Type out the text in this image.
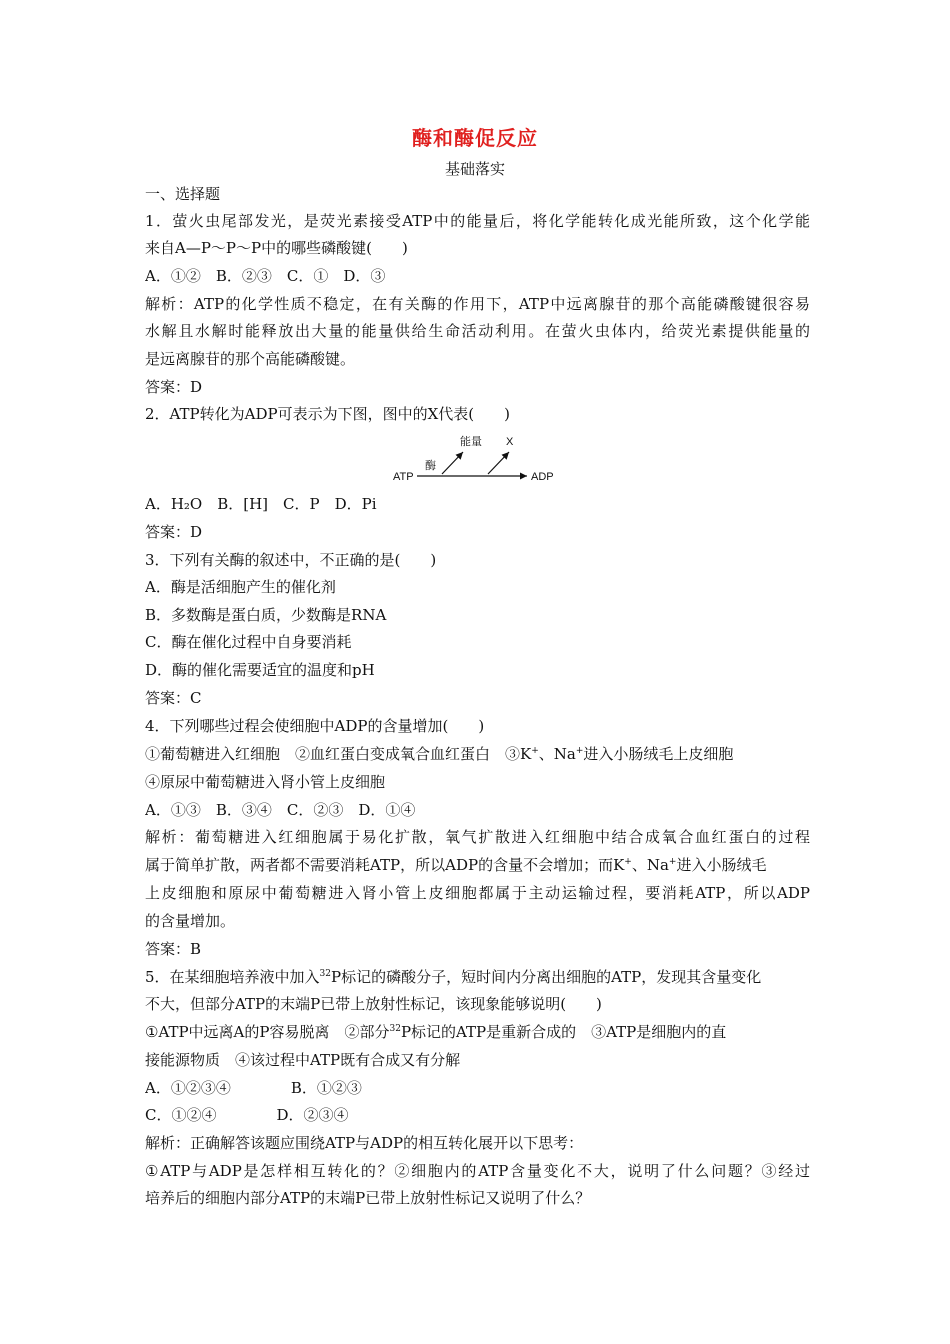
酶和酶促反应
基础落实
一、选择题
1．萤火虫尾部发光，是荧光素接受ATP中的能量后，将化学能转化成光能所致，这个化学能
来自A—P～P～P中的哪些磷酸键(　　)
A．①②　B．②③　C．①　D．③
解析：ATP的化学性质不稳定，在有关酶的作用下，ATP中远离腺苷的那个高能磷酸键很容易
水解且水解时能释放出大量的能量供给生命活动利用。在萤火虫体内，给荧光素提供能量的
是远离腺苷的那个高能磷酸键。
答案：D
2．ATP转化为ADP可表示为下图，图中的X代表(　　)
ATP	ADP
酶
能量 X
A．H₂O　B．[H]　C．P　D．Pi
答案：D
3．下列有关酶的叙述中，不正确的是(　　)
A．酶是活细胞产生的催化剂
B．多数酶是蛋白质，少数酶是RNA
C．酶在催化过程中自身要消耗
D．酶的催化需要适宜的温度和pH
答案：C
4．下列哪些过程会使细胞中ADP的含量增加(　　)
①葡萄糖进入红细胞　②血红蛋白变成氧合血红蛋白　③K+、Na+进入小肠绒毛上皮细胞
④原尿中葡萄糖进入肾小管上皮细胞
A．①③　B．③④　C．②③　D．①④
解析：葡萄糖进入红细胞属于易化扩散，氧气扩散进入红细胞中结合成氧合血红蛋白的过程
属于简单扩散，两者都不需要消耗ATP，所以ADP的含量不会增加；而K+、Na+进入小肠绒毛
上皮细胞和原尿中葡萄糖进入肾小管上皮细胞都属于主动运输过程，要消耗ATP，所以ADP
的含量增加。
答案：B
5．在某细胞培养液中加入$^{32}$P标记的磷酸分子，短时间内分离出细胞的ATP，发现其含量变化
不大，但部分ATP的末端P已带上放射性标记，该现象能够说明(　　)
①ATP中远离A的P容易脱离　②部分$^{32}$P标记的ATP是重新合成的　③ATP是细胞内的直
接能源物质　④该过程中ATP既有合成又有分解
A．①②③④　　　　B．①②③
C．①②④　　　　D．②③④
解析：正确解答该题应围绕ATP与ADP的相互转化展开以下思考：
①ATP与ADP是怎样相互转化的？②细胞内的ATP含量变化不大，说明了什么问题？③经过
培养后的细胞内部分ATP的末端P已带上放射性标记又说明了什么？
